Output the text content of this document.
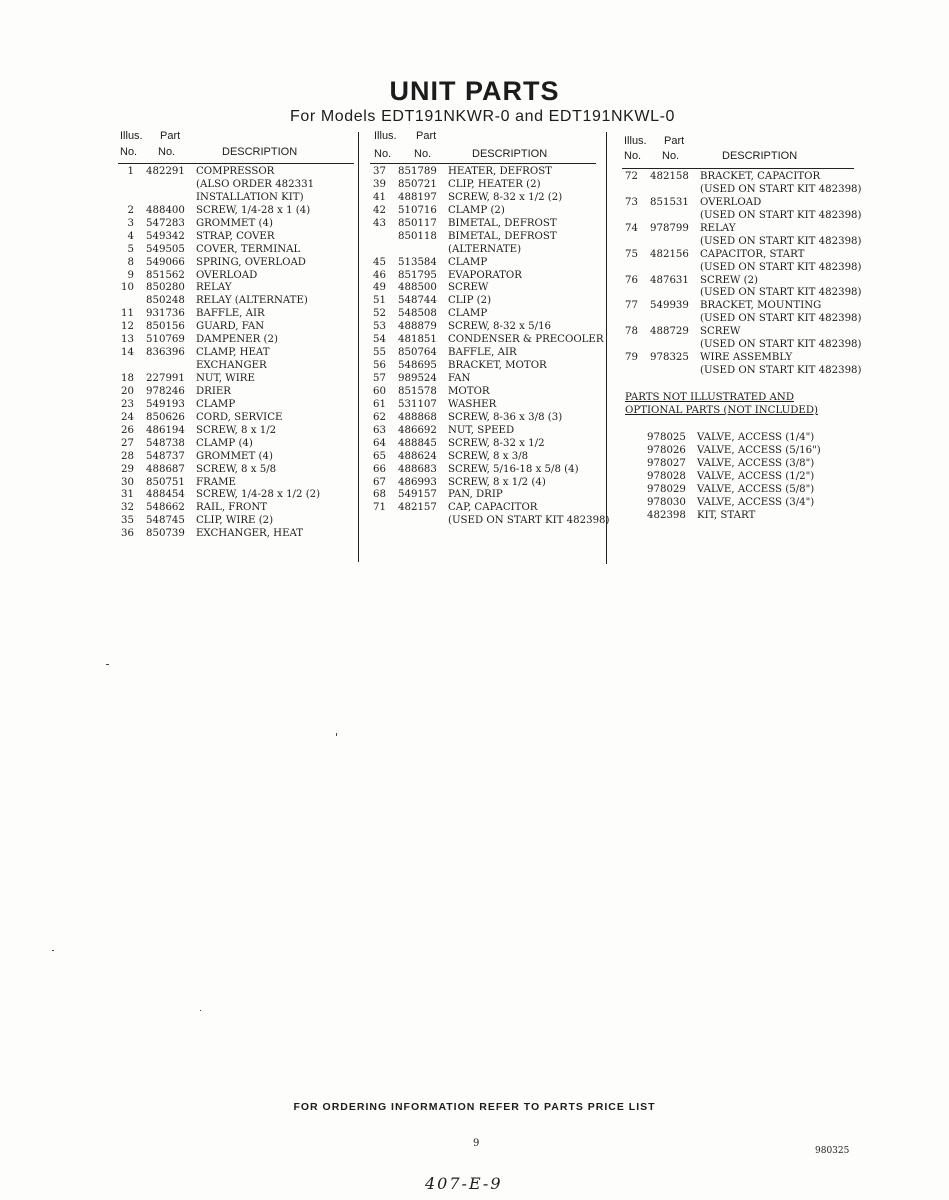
UNIT PARTS
For Models EDT191NKWR-0 and EDT191NKWL-0
Illus. Part
No. No.	DESCRIPTION
1 482291 COMPRESSOR
(ALSO ORDER 482331
INSTALLATION KIT)
2 488400 SCREW, 1/4-28 x 1 (4)
3 547283 GROMMET (4)
4 549342 STRAP, COVER
5 549505 COVER, TERMINAL
8 549066 SPRING, OVERLOAD
9 851562 OVERLOAD
10 850280 RELAY
850248 RELAY (ALTERNATE)
11 931736 BAFFLE, AIR
12 850156 GUARD, FAN
13 510769 DAMPENER (2)
14 836396 CLAMP, HEAT
EXCHANGER
18 227991 NUT, WIRE
20 978246 DRIER
23 549193 CLAMP
24 850626 CORD, SERVICE
26 486194 SCREW, 8 x 1/2
27 548738 CLAMP (4)
28 548737 GROMMET (4)
29 488687 SCREW, 8 x 5/8
30 850751 FRAME
31 488454 SCREW, 1/4-28 x 1/2 (2)
32 548662 RAIL, FRONT
35 548745 CLIP, WIRE (2)
36 850739 EXCHANGER, HEAT
Illus. Part
No. No.	DESCRIPTION
37 851789 HEATER, DEFROST
39 850721 CLIP, HEATER (2)
41 488197 SCREW, 8-32 x 1/2 (2)
42 510716 CLAMP (2)
43 850117 BIMETAL, DEFROST
850118 BIMETAL, DEFROST
(ALTERNATE)
45 513584 CLAMP
46 851795 EVAPORATOR
49 488500 SCREW
51 548744 CLIP (2)
52 548508 CLAMP
53 488879 SCREW, 8-32 x 5/16
54 481851 CONDENSER & PRECOOLER
55 850764 BAFFLE, AIR
56 548695 BRACKET, MOTOR
57 989524 FAN
60 851578 MOTOR
61 531107 WASHER
62 488868 SCREW, 8-36 x 3/8 (3)
63 486692 NUT, SPEED
64 488845 SCREW, 8-32 x 1/2
65 488624 SCREW, 8 x 3/8
66 488683 SCREW, 5/16-18 x 5/8 (4)
67 486993 SCREW, 8 x 1/2 (4)
68 549157 PAN, DRIP
71 482157 CAP, CAPACITOR
(USED ON START KIT 482398)
Illus. Part
No. No.	DESCRIPTION
72 482158 BRACKET, CAPACITOR
(USED ON START KIT 482398)
73 851531 OVERLOAD
(USED ON START KIT 482398)
74 978799 RELAY
(USED ON START KIT 482398)
75 482156 CAPACITOR, START
(USED ON START KIT 482398)
76 487631 SCREW (2)
(USED ON START KIT 482398)
77 549939 BRACKET, MOUNTING
(USED ON START KIT 482398)
78 488729 SCREW
(USED ON START KIT 482398)
79 978325 WIRE ASSEMBLY
(USED ON START KIT 482398)
PARTS NOT ILLUSTRATED AND
OPTIONAL PARTS (NOT INCLUDED)
978025 VALVE, ACCESS (1/4")
978026 VALVE, ACCESS (5/16")
978027 VALVE, ACCESS (3/8")
978028 VALVE, ACCESS (1/2")
978029 VALVE, ACCESS (5/8")
978030 VALVE, ACCESS (3/4")
482398 KIT, START
FOR ORDERING INFORMATION REFER TO PARTS PRICE LIST
9
980325
407-E-9
